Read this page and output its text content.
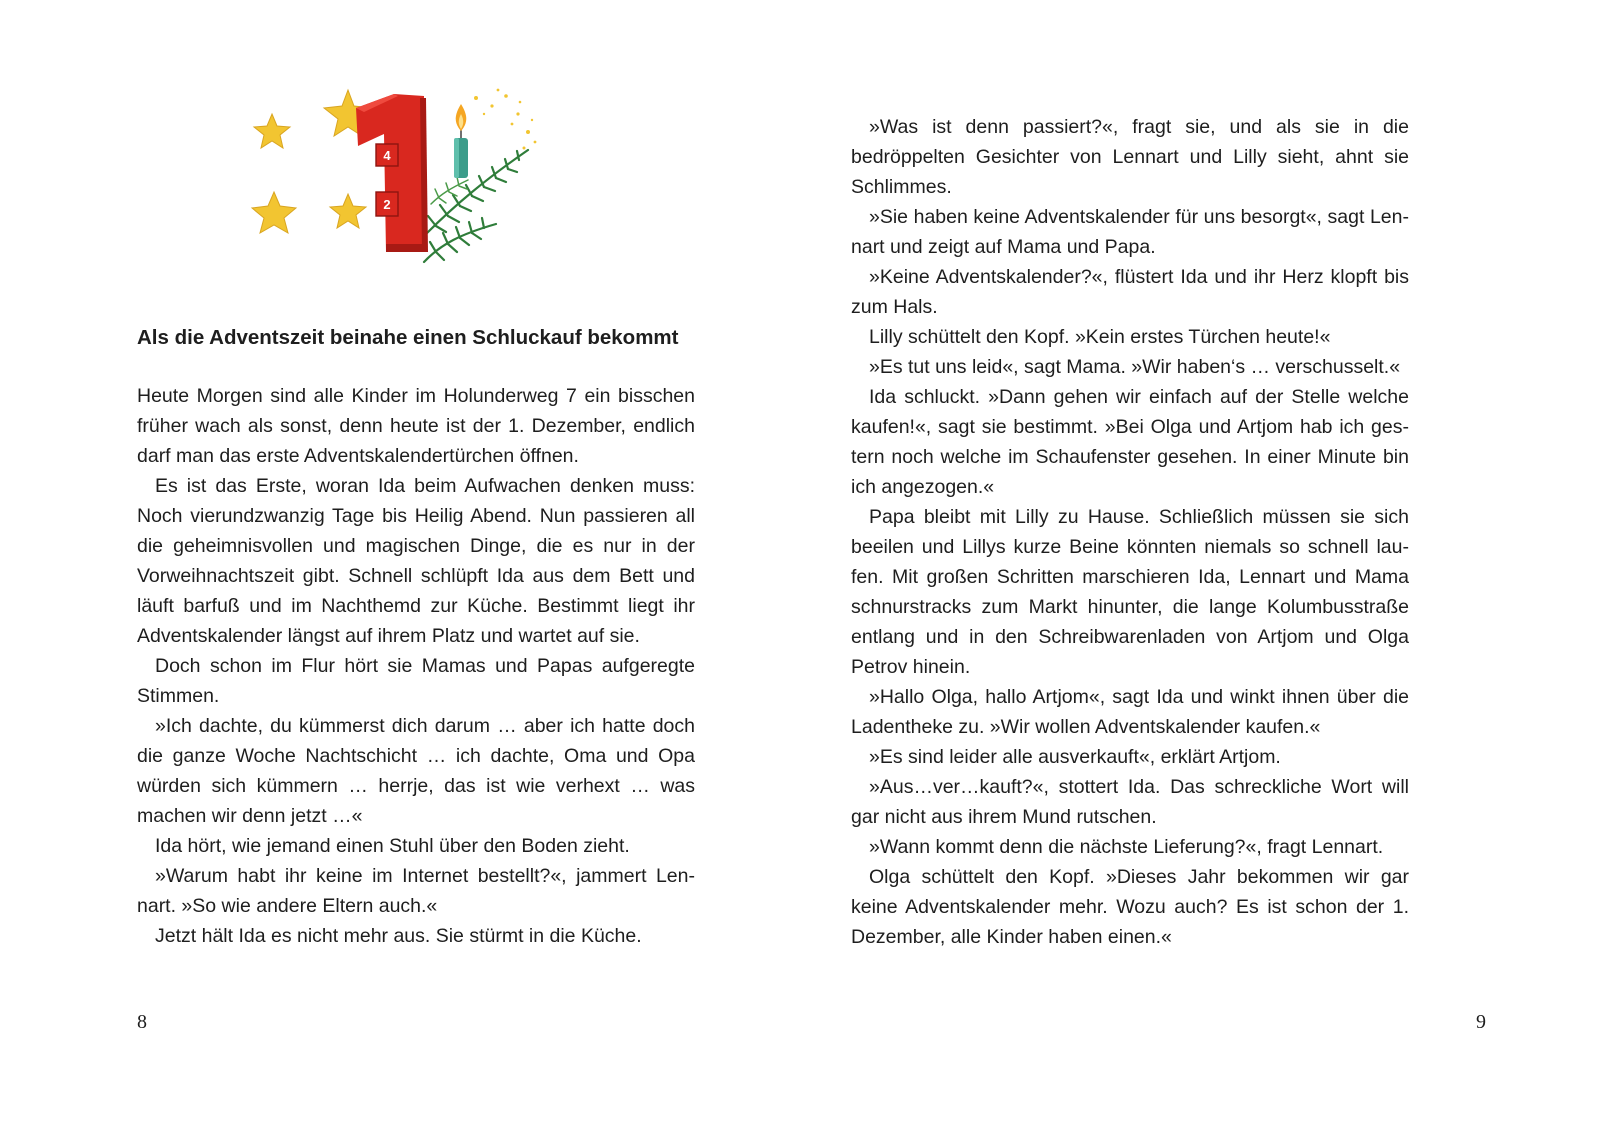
4
2
Als die Adventszeit beinahe einen Schluckauf bekommt

Heute Morgen sind alle Kinder im Holunderweg 7 ein bisschen früher wach als sonst, denn heute ist der 1. Dezember, endlich darf man das erste Adventskalendertürchen öffnen.

Es ist das Erste, woran Ida beim Aufwachen denken muss: Noch vierundzwanzig Tage bis Heilig Abend. Nun passieren all die geheimnisvollen und magischen Dinge, die es nur in der Vorweihnachtszeit gibt. Schnell schlüpft Ida aus dem Bett und läuft barfuß und im Nachthemd zur Küche. Bestimmt liegt ihr Adventskalender längst auf ihrem Platz und wartet auf sie.

Doch schon im Flur hört sie Mamas und Papas aufgeregte Stimmen.

»Ich dachte, du kümmerst dich darum … aber ich hatte doch die ganze Woche Nachtschicht … ich dachte, Oma und Opa würden sich kümmern … herrje, das ist wie verhext … was machen wir denn jetzt …«

Ida hört, wie jemand einen Stuhl über den Boden zieht.

»Warum habt ihr keine im Internet bestellt?«, jammert Lennart. »So wie andere Eltern auch.«

Jetzt hält Ida es nicht mehr aus. Sie stürmt in die Küche.

8

»Was ist denn passiert?«, fragt sie, und als sie in die bedröppelten Gesichter von Lennart und Lilly sieht, ahnt sie Schlimmes.

»Sie haben keine Adventskalender für uns besorgt«, sagt Lennart und zeigt auf Mama und Papa.

»Keine Adventskalender?«, flüstert Ida und ihr Herz klopft bis zum Hals.

Lilly schüttelt den Kopf. »Kein erstes Türchen heute!«

»Es tut uns leid«, sagt Mama. »Wir haben‘s … verschusselt.«

Ida schluckt. »Dann gehen wir einfach auf der Stelle welche kaufen!«, sagt sie bestimmt. »Bei Olga und Artjom hab ich gestern noch welche im Schaufenster gesehen. In einer Minute bin ich angezogen.«

Papa bleibt mit Lilly zu Hause. Schließlich müssen sie sich beeilen und Lillys kurze Beine könnten niemals so schnell laufen. Mit großen Schritten marschieren Ida, Lennart und Mama schnurstracks zum Markt hinunter, die lange Kolumbusstraße entlang und in den Schreibwarenladen von Artjom und Olga Petrov hinein.

»Hallo Olga, hallo Artjom«, sagt Ida und winkt ihnen über die Ladentheke zu. »Wir wollen Adventskalender kaufen.«

»Es sind leider alle ausverkauft«, erklärt Artjom.

»Aus…ver…kauft?«, stottert Ida. Das schreckliche Wort will gar nicht aus ihrem Mund rutschen.

»Wann kommt denn die nächste Lieferung?«, fragt Lennart.

Olga schüttelt den Kopf. »Dieses Jahr bekommen wir gar keine Adventskalender mehr. Wozu auch? Es ist schon der 1. Dezember, alle Kinder haben einen.«

9
